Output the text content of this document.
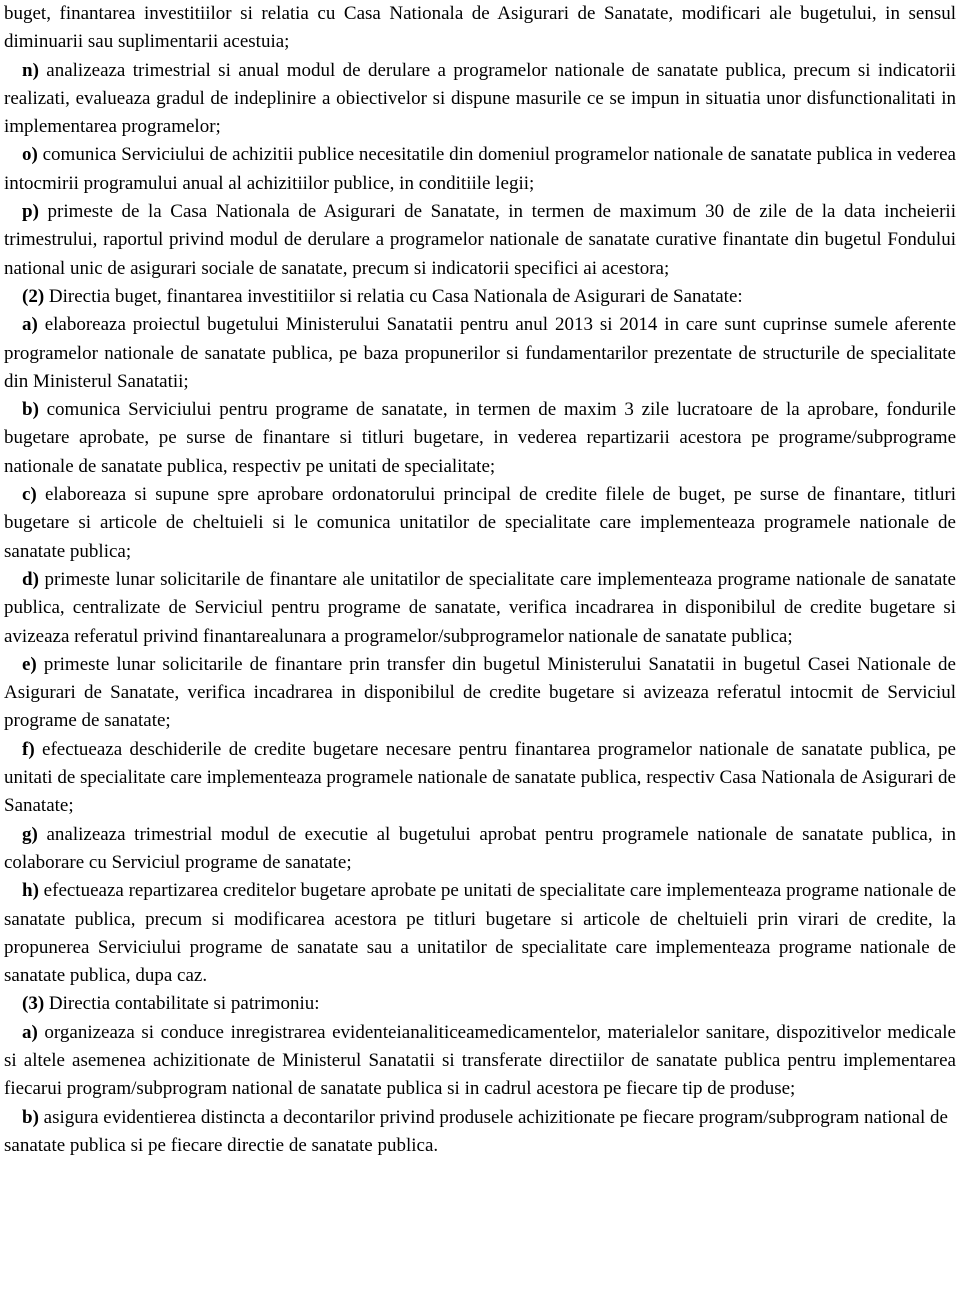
buget, finantarea investitiilor si relatia cu Casa Nationala de Asigurari de Sanatate, modificari ale bugetului, in sensul diminuarii sau suplimentarii acestuia;

n) analizeaza trimestrial si anual modul de derulare a programelor nationale de sanatate publica, precum si indicatorii realizati, evalueaza gradul de indeplinire a obiectivelor si dispune masurile ce se impun in situatia unor disfunctionalitati in implementarea programelor;

o) comunica Serviciului de achizitii publice necesitatile din domeniul programelor nationale de sanatate publica in vederea intocmirii programului anual al achizitiilor publice, in conditiile legii;

p) primeste de la Casa Nationala de Asigurari de Sanatate, in termen de maximum 30 de zile de la data incheierii trimestrului, raportul privind modul de derulare a programelor nationale de sanatate curative finantate din bugetul Fondului national unic de asigurari sociale de sanatate, precum si indicatorii specifici ai acestora;

(2) Directia buget, finantarea investitiilor si relatia cu Casa Nationala de Asigurari de Sanatate:

a) elaboreaza proiectul bugetului Ministerului Sanatatii pentru anul 2013 si 2014 in care sunt cuprinse sumele aferente programelor nationale de sanatate publica, pe baza propunerilor si fundamentarilor prezentate de structurile de specialitate din Ministerul Sanatatii;

b) comunica Serviciului pentru programe de sanatate, in termen de maxim 3 zile lucratoare de la aprobare, fondurile bugetare aprobate, pe surse de finantare si titluri bugetare, in vederea repartizarii acestora pe programe/subprograme nationale de sanatate publica, respectiv pe unitati de specialitate;

c) elaboreaza si supune spre aprobare ordonatorului principal de credite filele de buget, pe surse de finantare, titluri bugetare si articole de cheltuieli si le comunica unitatilor de specialitate care implementeaza programele nationale de sanatate publica;

d) primeste lunar solicitarile de finantare ale unitatilor de specialitate care implementeaza programe nationale de sanatate publica, centralizate de Serviciul pentru programe de sanatate, verifica incadrarea in disponibilul de credite bugetare si avizeaza referatul privind finantarealunara a programelor/subprogramelor nationale de sanatate publica;

e) primeste lunar solicitarile de finantare prin transfer din bugetul Ministerului Sanatatii in bugetul Casei Nationale de Asigurari de Sanatate, verifica incadrarea in disponibilul de credite bugetare si avizeaza referatul intocmit de Serviciul programe de sanatate;

f) efectueaza deschiderile de credite bugetare necesare pentru finantarea programelor nationale de sanatate publica, pe unitati de specialitate care implementeaza programele nationale de sanatate publica, respectiv Casa Nationala de Asigurari de Sanatate;

g) analizeaza trimestrial modul de executie al bugetului aprobat pentru programele nationale de sanatate publica, in colaborare cu Serviciul programe de sanatate;

h) efectueaza repartizarea creditelor bugetare aprobate pe unitati de specialitate care implementeaza programe nationale de sanatate publica, precum si modificarea acestora pe titluri bugetare si articole de cheltuieli prin virari de credite, la propunerea Serviciului programe de sanatate sau a unitatilor de specialitate care implementeaza programe nationale de sanatate publica, dupa caz.

(3) Directia contabilitate si patrimoniu:

a) organizeaza si conduce inregistrarea evidenteianaliticeamedicamentelor, materialelor sanitare, dispozitivelor medicale si altele asemenea achizitionate de Ministerul Sanatatii si transferate directiilor de sanatate publica pentru implementarea fiecarui program/subprogram national de sanatate publica si in cadrul acestora pe fiecare tip de produse;

b) asigura evidentierea distincta a decontarilor privind produsele achizitionate pe fiecare program/subprogram national de sanatate publica si pe fiecare directie de sanatate publica.
